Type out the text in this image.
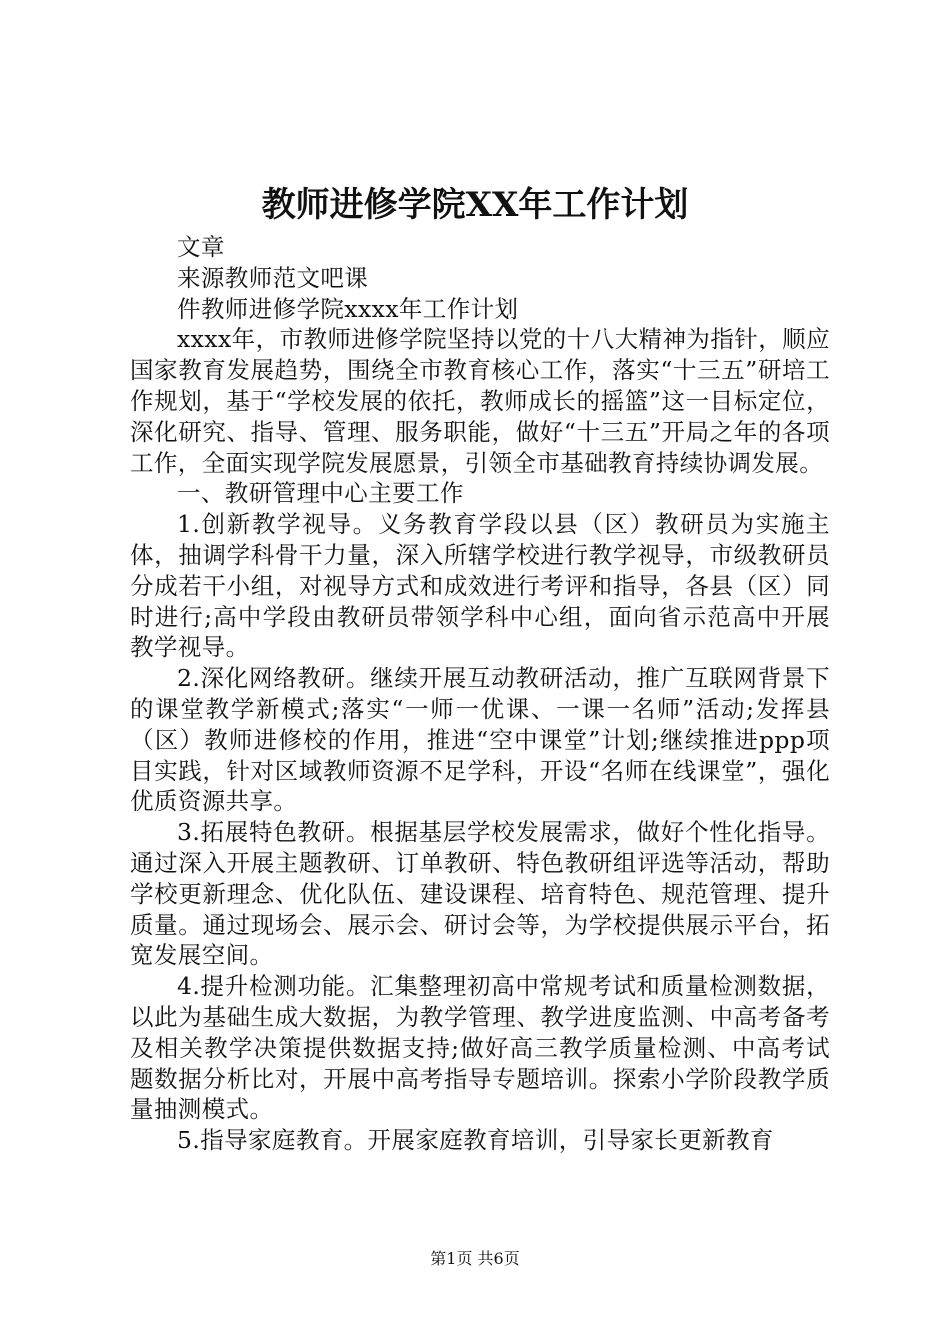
教师进修学院XX年工作计划

文章

来源教师范文吧课

件教师进修学院xxxx年工作计划

xxxx年，市教师进修学院坚持以党的十八大精神为指针，顺应国家教育发展趋势，围绕全市教育核心工作，落实“十三五”研培工作规划，基于“学校发展的依托，教师成长的摇篮”这一目标定位，深化研究、指导、管理、服务职能，做好“十三五”开局之年的各项工作，全面实现学院发展愿景，引领全市基础教育持续协调发展。

一、教研管理中心主要工作

1.创新教学视导。义务教育学段以县（区）教研员为实施主体，抽调学科骨干力量，深入所辖学校进行教学视导，市级教研员分成若干小组，对视导方式和成效进行考评和指导，各县（区）同时进行;高中学段由教研员带领学科中心组，面向省示范高中开展教学视导。

2.深化网络教研。继续开展互动教研活动，推广互联网背景下的课堂教学新模式;落实“一师一优课、一课一名师”活动;发挥县（区）教师进修校的作用，推进“空中课堂”计划;继续推进ppp项目实践，针对区域教师资源不足学科，开设“名师在线课堂”，强化优质资源共享。

3.拓展特色教研。根据基层学校发展需求，做好个性化指导。通过深入开展主题教研、订单教研、特色教研组评选等活动，帮助学校更新理念、优化队伍、建设课程、培育特色、规范管理、提升质量。通过现场会、展示会、研讨会等，为学校提供展示平台，拓宽发展空间。

4.提升检测功能。汇集整理初高中常规考试和质量检测数据，以此为基础生成大数据，为教学管理、教学进度监测、中高考备考及相关教学决策提供数据支持;做好高三教学质量检测、中高考试题数据分析比对，开展中高考指导专题培训。探索小学阶段教学质量抽测模式。

5.指导家庭教育。开展家庭教育培训，引导家长更新教育

第1页 共6页
